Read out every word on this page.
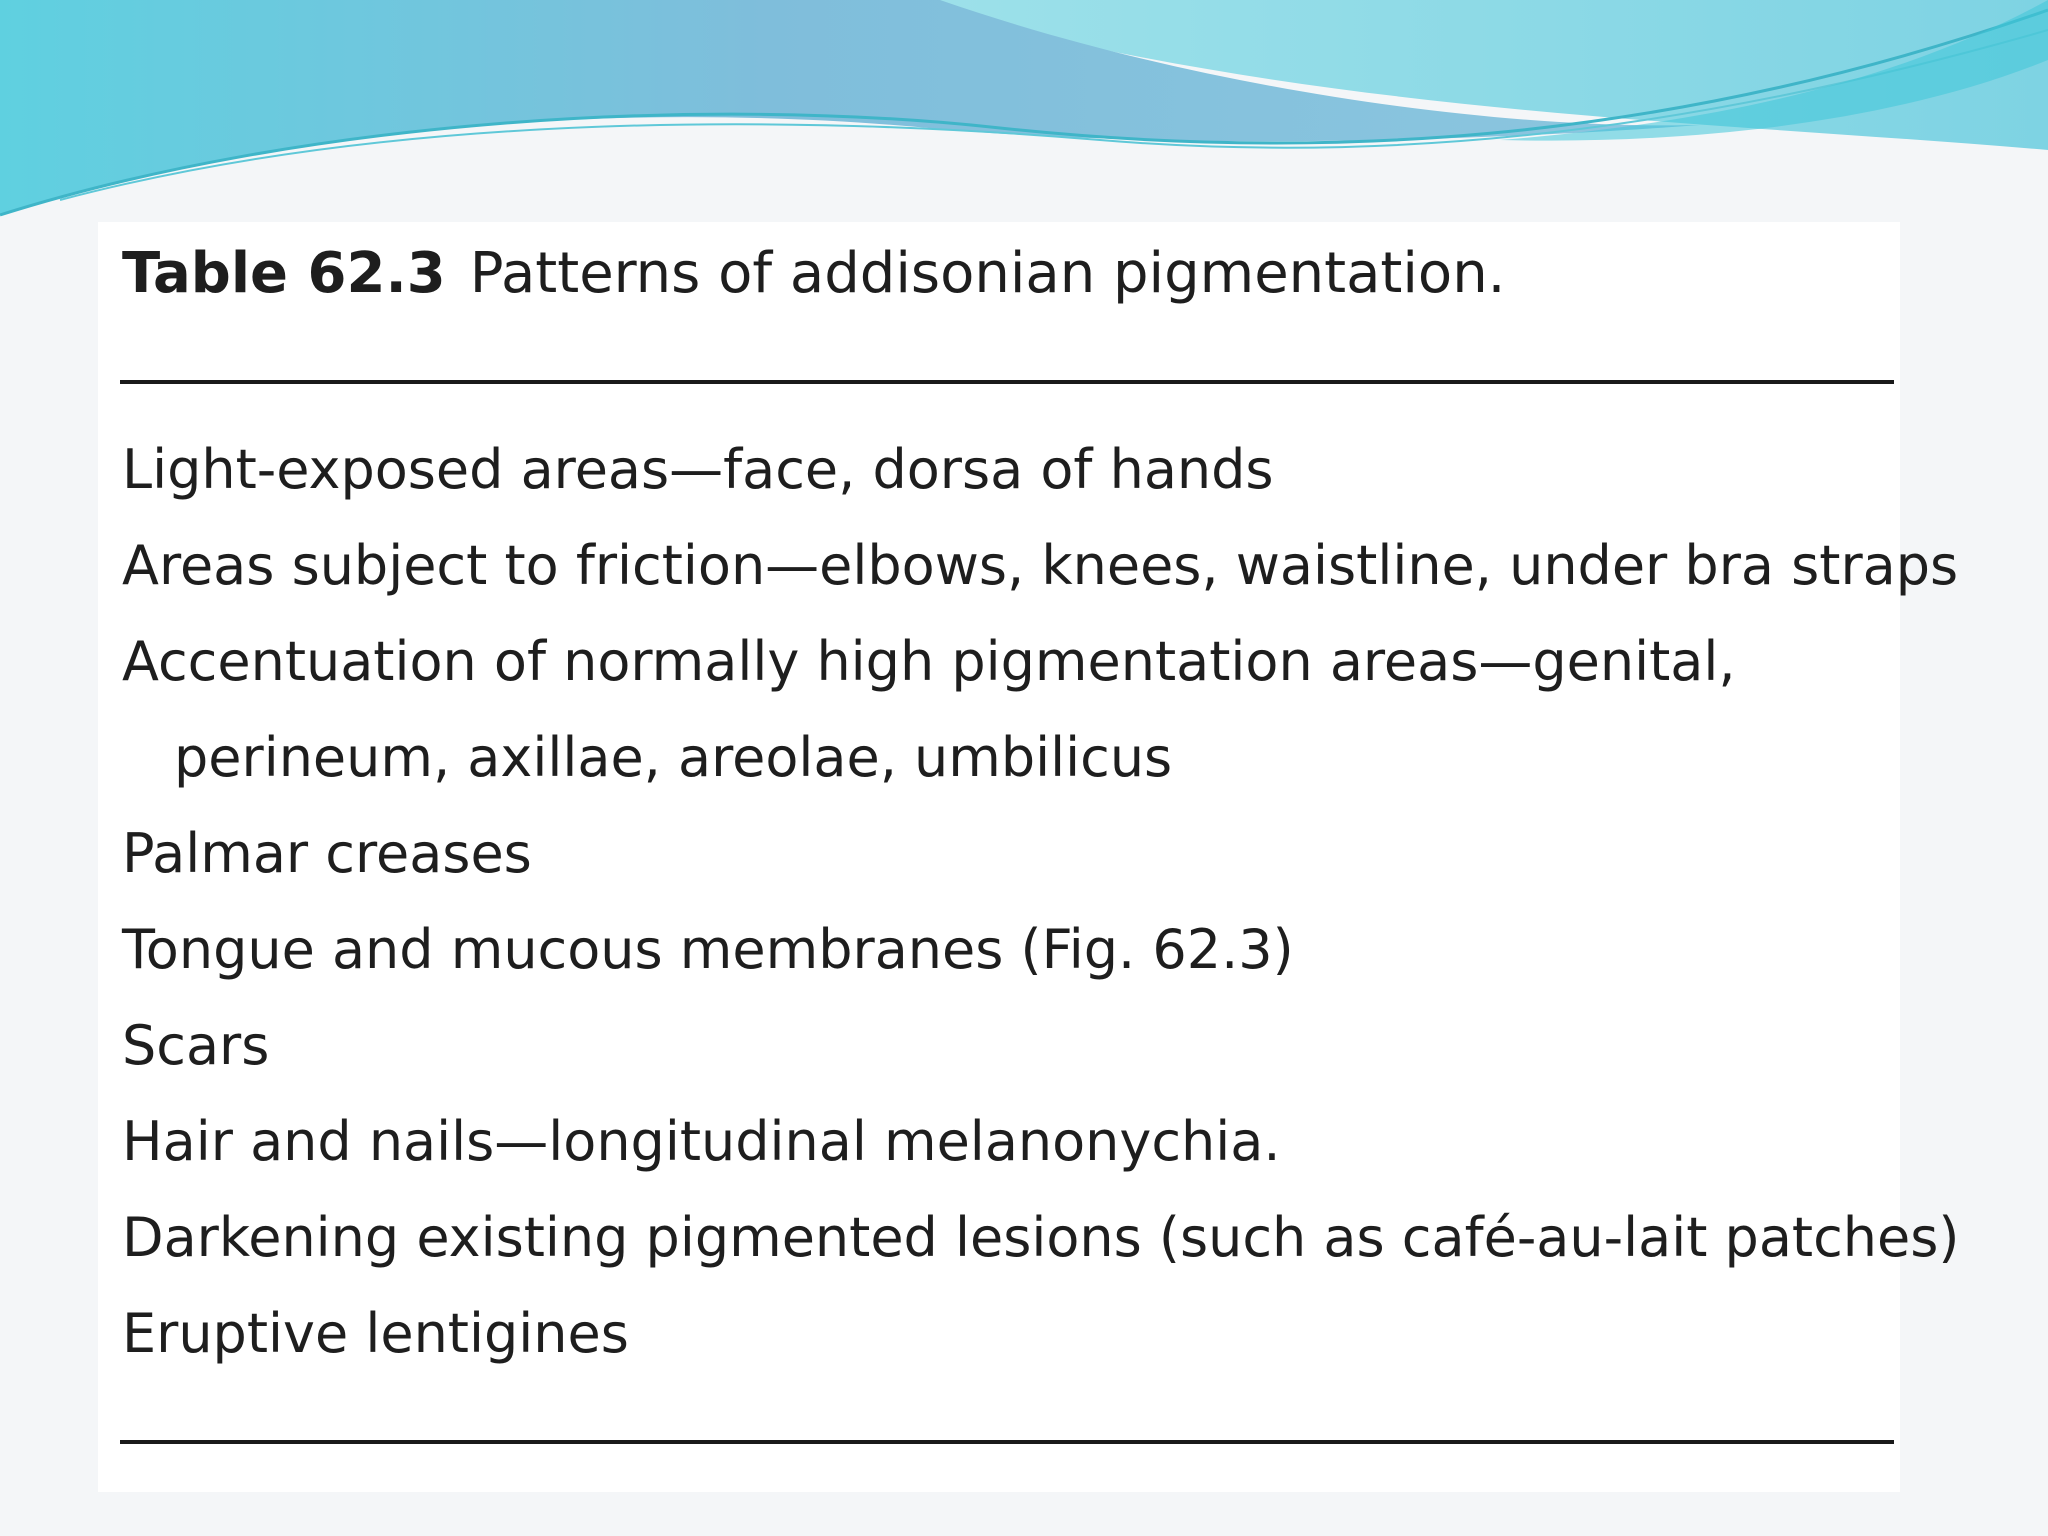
Table 62.3 Patterns of addisonian pigmentation.
Light-exposed areas—face, dorsa of hands
Areas subject to friction—elbows, knees, waistline, under bra straps
Accentuation of normally high pigmentation areas—genital, perineum, axillae, areolae, umbilicus
Palmar creases
Tongue and mucous membranes (Fig. 62.3)
Scars
Hair and nails—longitudinal melanonychia.
Darkening existing pigmented lesions (such as café-au-lait patches)
Eruptive lentigines
